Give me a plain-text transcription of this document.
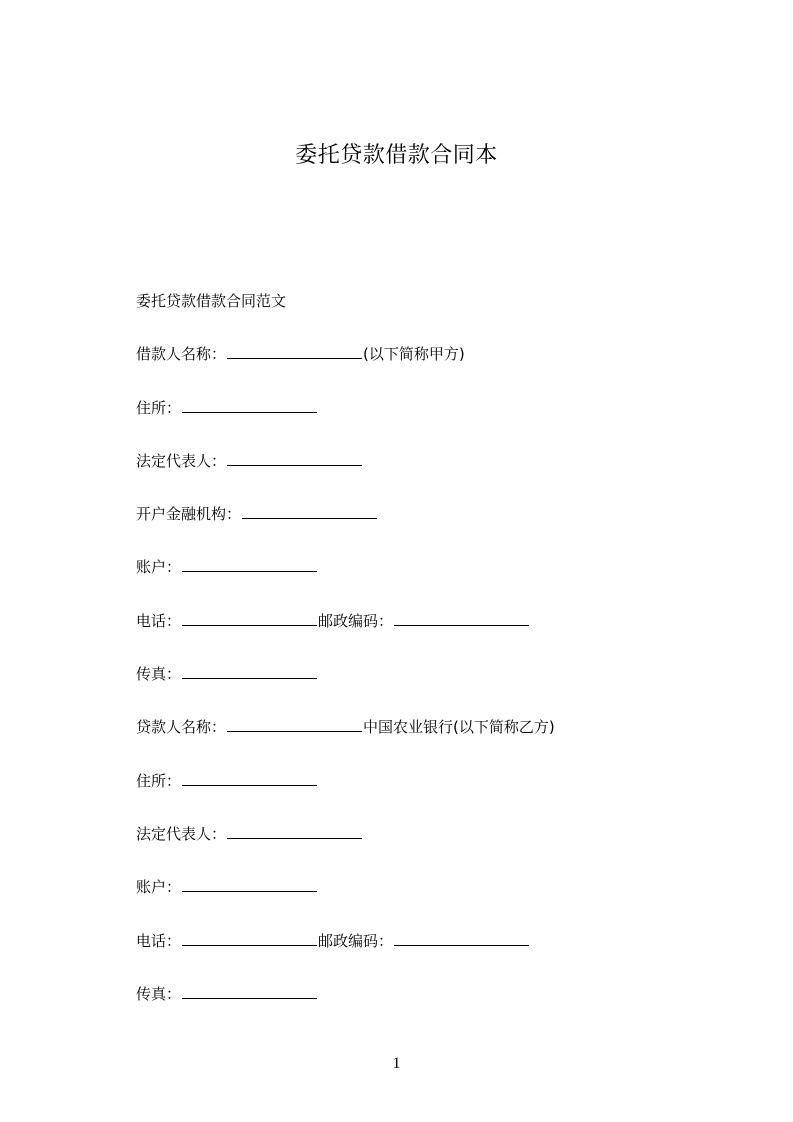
委托贷款借款合同本
委托贷款借款合同范文
借款人名称：	(以下简称甲方)
住所：
法定代表人：
开户金融机构：
账户：
电话：	邮政编码：
传真：
贷款人名称：	中国农业银行(以下简称乙方)
住所：
法定代表人：
账户：
电话：	邮政编码：
传真：
1
